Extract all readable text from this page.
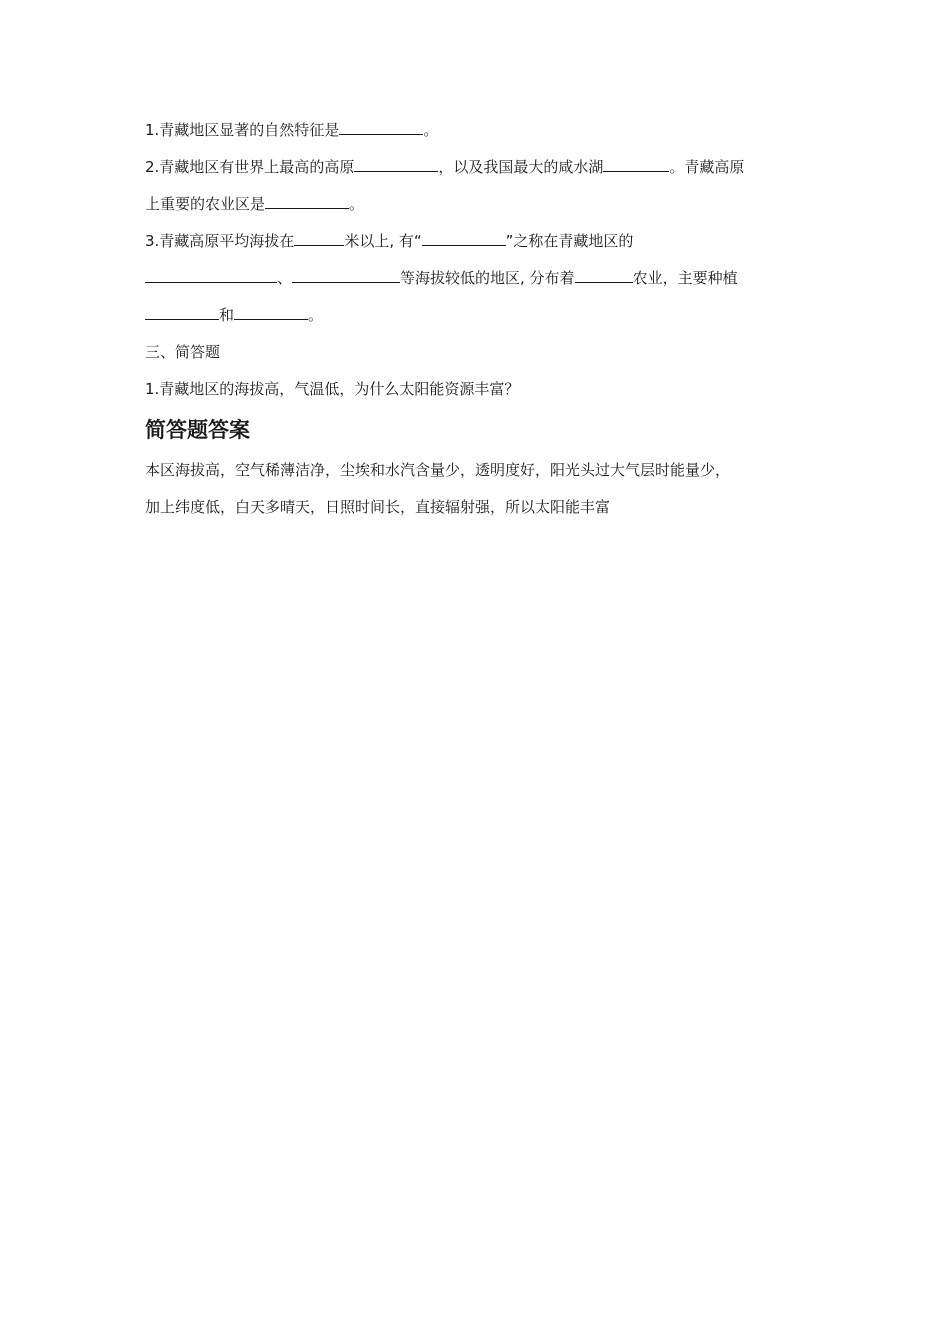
1.青藏地区显著的自然特征是	。
2.青藏地区有世界上最高的高原	，以及我国最大的咸水湖	。青藏高原
上重要的农业区是	。
3.青藏高原平均海拔在	米以上, 有“	”之称在青藏地区的
、	等海拔较低的地区, 分布着	农业，主要种植
和	。
三、简答题
1.青藏地区的海拔高，气温低，为什么太阳能资源丰富？
简答题答案
本区海拔高，空气稀薄洁净，尘埃和水汽含量少，透明度好，阳光头过大气层时能量少，
加上纬度低，白天多晴天，日照时间长，直接辐射强，所以太阳能丰富
